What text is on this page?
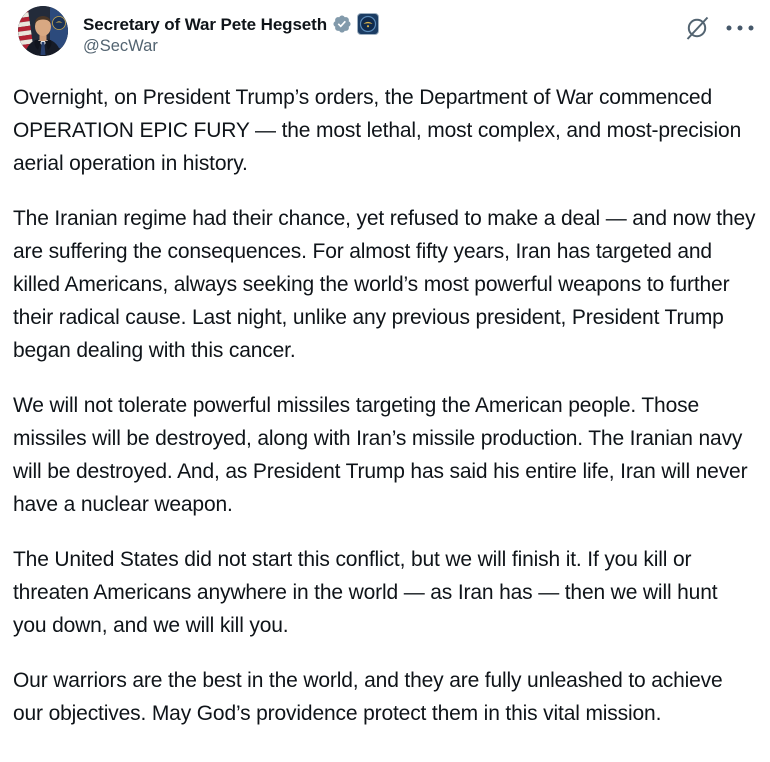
Secretary of War Pete Hegseth
@SecWar

Overnight, on President Trump’s orders, the Department of War commenced OPERATION EPIC FURY — the most lethal, most complex, and most-precision aerial operation in history.

The Iranian regime had their chance, yet refused to make a deal — and now they are suffering the consequences. For almost fifty years, Iran has targeted and killed Americans, always seeking the world’s most powerful weapons to further their radical cause. Last night, unlike any previous president, President Trump began dealing with this cancer.

We will not tolerate powerful missiles targeting the American people. Those missiles will be destroyed, along with Iran’s missile production. The Iranian navy will be destroyed. And, as President Trump has said his entire life, Iran will never have a nuclear weapon.

The United States did not start this conflict, but we will finish it. If you kill or threaten Americans anywhere in the world — as Iran has — then we will hunt you down, and we will kill you.

Our warriors are the best in the world, and they are fully unleashed to achieve our objectives. May God’s providence protect them in this vital mission.
